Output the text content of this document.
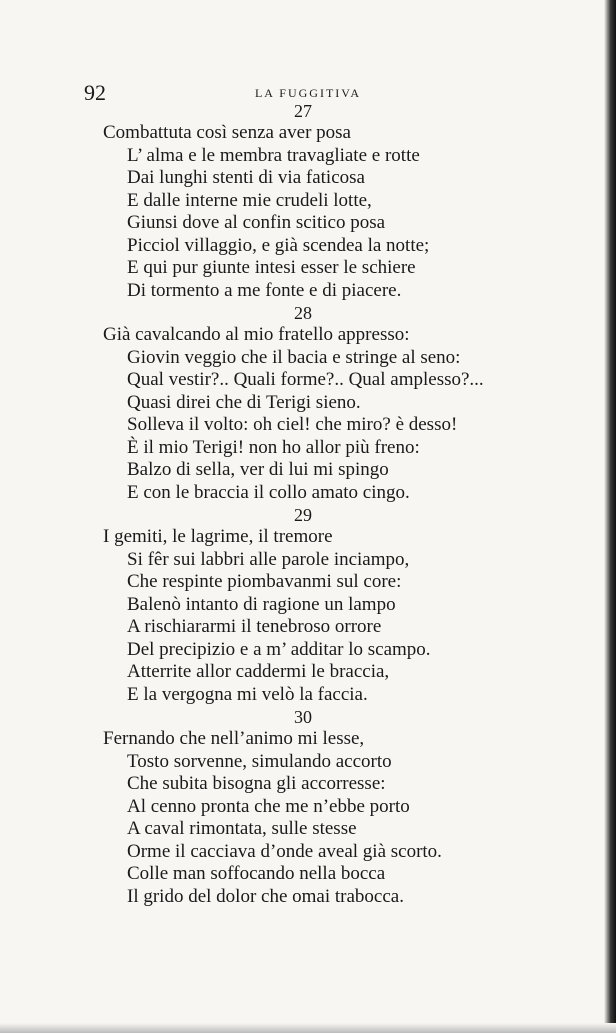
92	LA FUGGITIVA
27
Combattuta così senza aver posa
L’ alma e le membra travagliate e rotte
Dai lunghi stenti di via faticosa
E dalle interne mie crudeli lotte,
Giunsi dove al confin scitico posa
Picciol villaggio, e già scendea la notte;
E qui pur giunte intesi esser le schiere
Di tormento a me fonte e di piacere.
28
Già cavalcando al mio fratello appresso:
Giovin veggio che il bacia e stringe al seno:
Qual vestir?.. Quali forme?.. Qual amplesso?...
Quasi direi che di Terigi sieno.
Solleva il volto: oh ciel! che miro? è desso!
È il mio Terigi! non ho allor più freno:
Balzo di sella, ver di lui mi spingo
E con le braccia il collo amato cingo.
29
I gemiti, le lagrime, il tremore
Si fêr sui labbri alle parole inciampo,
Che respinte piombavanmi sul core:
Balenò intanto di ragione un lampo
A rischiararmi il tenebroso orrore
Del precipizio e a m’ additar lo scampo.
Atterrite allor caddermi le braccia,
E la vergogna mi velò la faccia.
30
Fernando che nell’animo mi lesse,
Tosto sorvenne, simulando accorto
Che subita bisogna gli accorresse:
Al cenno pronta che me n’ebbe porto
A caval rimontata, sulle stesse
Orme il cacciava d’onde aveal già scorto.
Colle man soffocando nella bocca
Il grido del dolor che omai trabocca.
